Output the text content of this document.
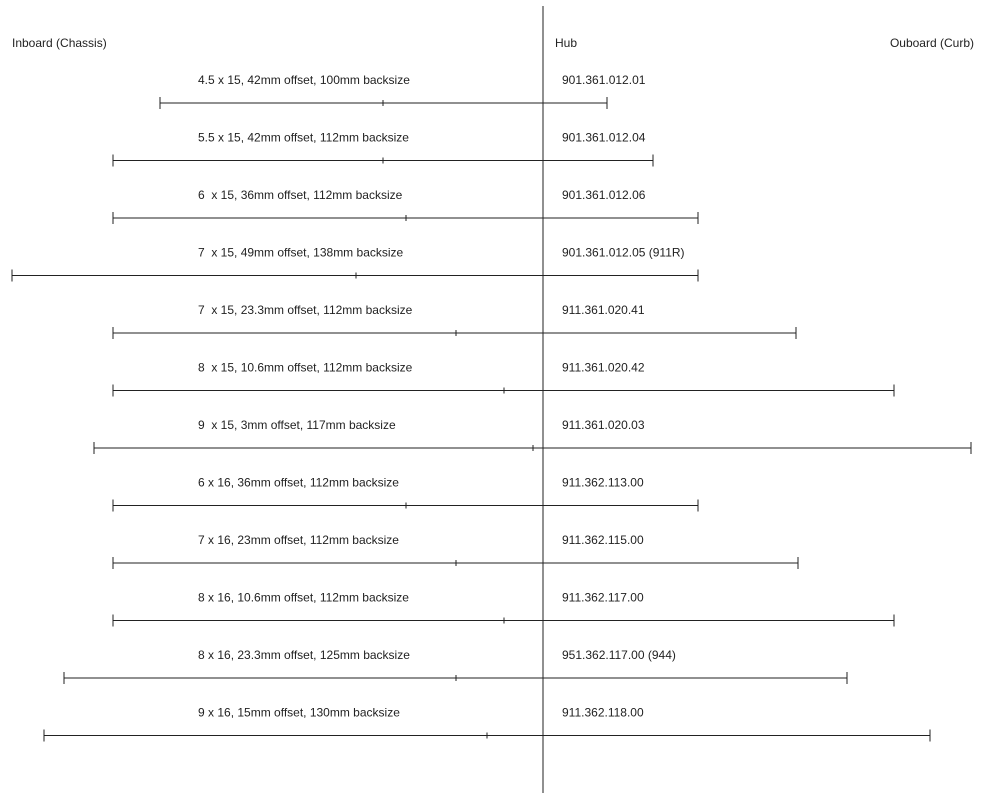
Inboard (Chassis)	Hub	Ouboard (Curb)
4.5 x 15, 42mm offset, 100mm backsize	901.361.012.01
5.5 x 15, 42mm offset, 112mm backsize	901.361.012.04
6  x 15, 36mm offset, 112mm backsize	901.361.012.06
7  x 15, 49mm offset, 138mm backsize	901.361.012.05 (911R)
7  x 15, 23.3mm offset, 112mm backsize	911.361.020.41
8  x 15, 10.6mm offset, 112mm backsize	911.361.020.42
9  x 15, 3mm offset, 117mm backsize	911.361.020.03
6 x 16, 36mm offset, 112mm backsize	911.362.113.00
7 x 16, 23mm offset, 112mm backsize	911.362.115.00
8 x 16, 10.6mm offset, 112mm backsize	911.362.117.00
8 x 16, 23.3mm offset, 125mm backsize	951.362.117.00 (944)
9 x 16, 15mm offset, 130mm backsize	911.362.118.00
